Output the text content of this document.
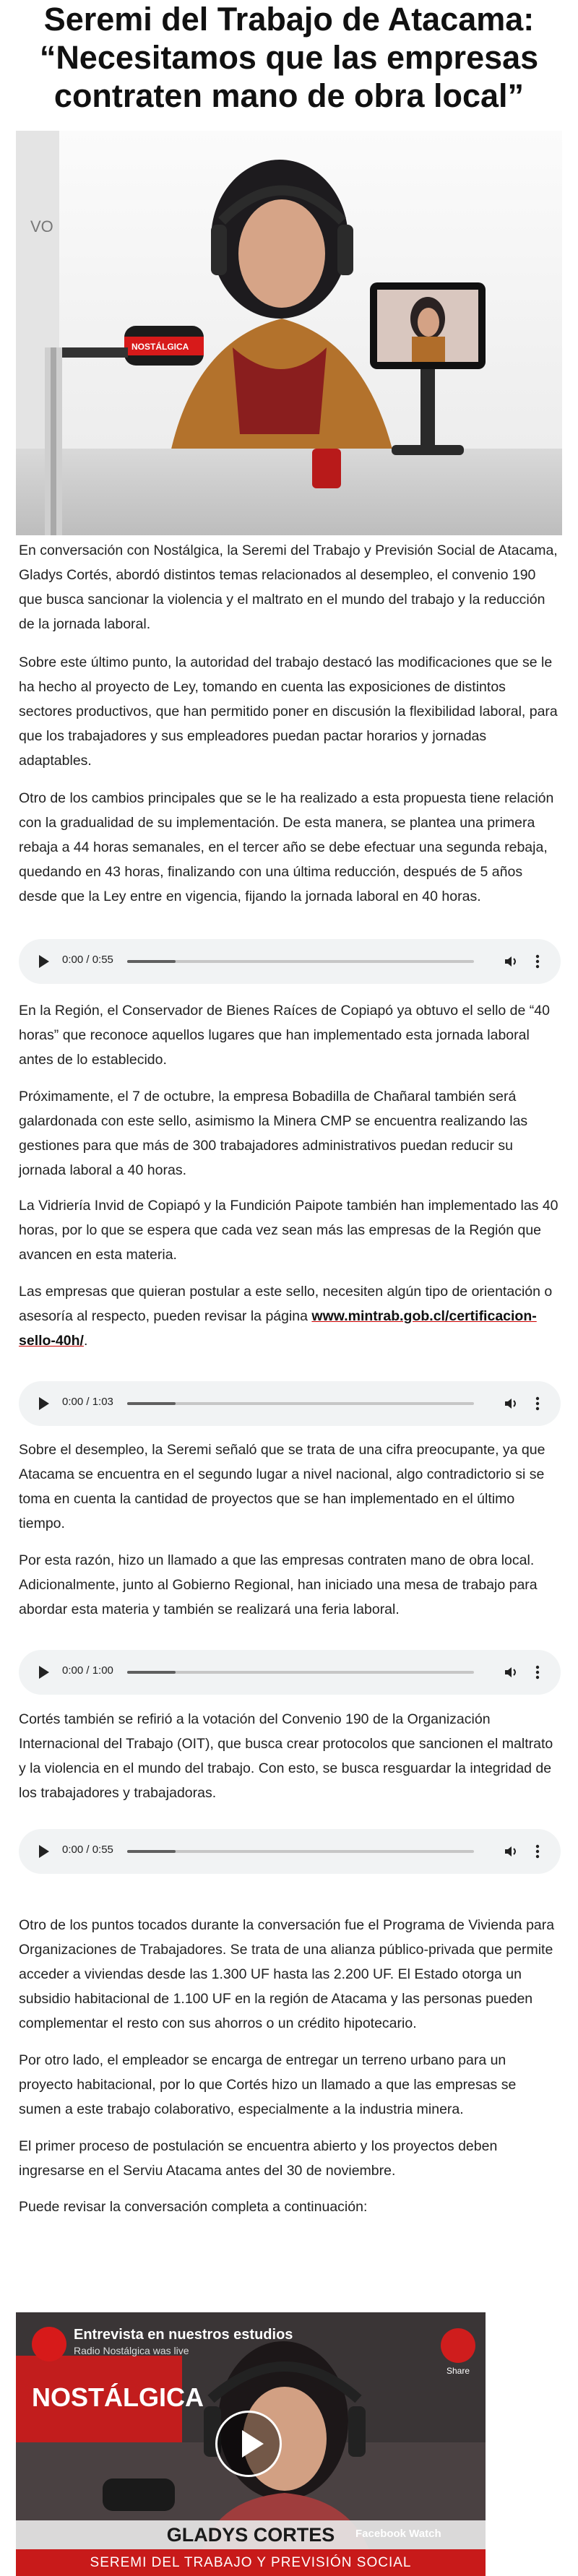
Seremi del Trabajo de Atacama: “Necesitamos que las empresas contraten mano de obra local”
VO
NOSTÁLGICA

En conversación con Nostálgica, la Seremi del Trabajo y Previsión Social de Atacama, Gladys Cortés, abordó distintos temas relacionados al desempleo, el convenio 190 que busca sancionar la violencia y el maltrato en el mundo del trabajo y la reducción de la jornada laboral.

Sobre este último punto, la autoridad del trabajo destacó las modificaciones que se le ha hecho al proyecto de Ley, tomando en cuenta las exposiciones de distintos sectores productivos, que han permitido poner en discusión la flexibilidad laboral, para que los trabajadores y sus empleadores puedan pactar horarios y jornadas adaptables.

Otro de los cambios principales que se le ha realizado a esta propuesta tiene relación con la gradualidad de su implementación. De esta manera, se plantea una primera rebaja a 44 horas semanales, en el tercer año se debe efectuar una segunda rebaja, quedando en 43 horas, finalizando con una última reducción, después de 5 años desde que la Ley entre en vigencia, fijando la jornada laboral en 40 horas.

0:00 / 0:55

En la Región, el Conservador de Bienes Raíces de Copiapó ya obtuvo el sello de “40 horas” que reconoce aquellos lugares que han implementado esta jornada laboral antes de lo establecido.

Próximamente, el 7 de octubre, la empresa Bobadilla de Chañaral también será galardonada con este sello, asimismo la Minera CMP se encuentra realizando las gestiones para que más de 300 trabajadores administrativos puedan reducir su jornada laboral a 40 horas.

La Vidriería Invid de Copiapó y la Fundición Paipote también han implementado las 40 horas, por lo que se espera que cada vez sean más las empresas de la Región que avancen en esta materia.

Las empresas que quieran postular a este sello, necesiten algún tipo de orientación o asesoría al respecto, pueden revisar la página www.mintrab.gob.cl/certificacion-sello-40h/.

0:00 / 1:03

Sobre el desempleo, la Seremi señaló que se trata de una cifra preocupante, ya que Atacama se encuentra en el segundo lugar a nivel nacional, algo contradictorio si se toma en cuenta la cantidad de proyectos que se han implementado en el último tiempo.

Por esta razón, hizo un llamado a que las empresas contraten mano de obra local. Adicionalmente, junto al Gobierno Regional, han iniciado una mesa de trabajo para abordar esta materia y también se realizará una feria laboral.

0:00 / 1:00

Cortés también se refirió a la votación del Convenio 190 de la Organización Internacional del Trabajo (OIT), que busca crear protocolos que sancionen el maltrato y la violencia en el mundo del trabajo. Con esto, se busca resguardar la integridad de los trabajadores y trabajadoras.

0:00 / 0:55

Otro de los puntos tocados durante la conversación fue el Programa de Vivienda para Organizaciones de Trabajadores. Se trata de una alianza público-privada que permite acceder a viviendas desde las 1.300 UF hasta las 2.200 UF. El Estado otorga un subsidio habitacional de 1.100 UF en la región de Atacama y las personas pueden complementar el resto con sus ahorros o un crédito hipotecario.

Por otro lado, el empleador se encarga de entregar un terreno urbano para un proyecto habitacional, por lo que Cortés hizo un llamado a que las empresas se sumen a este trabajo colaborativo, especialmente a la industria minera.

El primer proceso de postulación se encuentra abierto y los proyectos deben ingresarse en el Serviu Atacama antes del 30 de noviembre.

Puede revisar la conversación completa a continuación:

NOSTÁLGICA
Entrevista en nuestros estudios
Radio Nostálgica was live
Share
GLADYS CORTES
SEREMI DEL TRABAJO Y PREVISIÓN SOCIAL
Facebook Watch
